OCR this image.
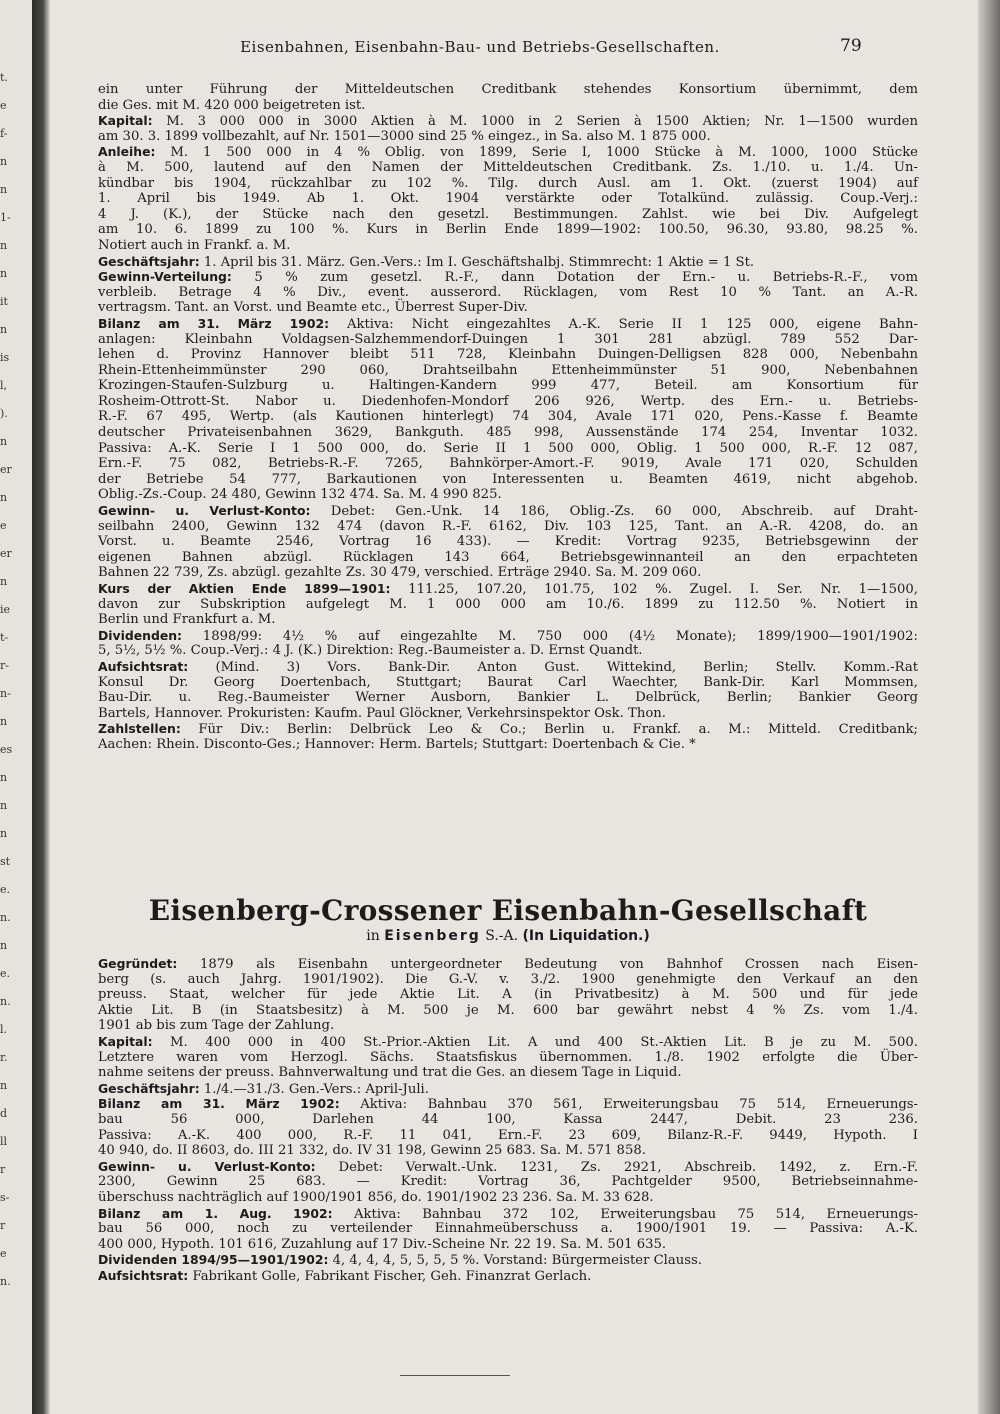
t.
e
f-
n
n
1-
n
n
it
n
is
l,
).
n
er
n
e
er
n
ie
t-
r-
n-
n
es
n
n
n
st
e.
n.
n
e.
n.
l.
r.
n
d
ll
r
s-
r
e
n.
Eisenbahnen, Eisenbahn-Bau- und Betriebs-Gesellschaften.	79
ein unter Führung der Mitteldeutschen Creditbank stehendes Konsortium übernimmt, dem
die Ges. mit M. 420 000 beigetreten ist.
Kapital: M. 3 000 000 in 3000 Aktien à M. 1000 in 2 Serien à 1500 Aktien; Nr. 1—1500 wurden
am 30. 3. 1899 vollbezahlt, auf Nr. 1501—3000 sind 25 % eingez., in Sa. also M. 1 875 000.
Anleihe: M. 1 500 000 in 4 % Oblig. von 1899, Serie I, 1000 Stücke à M. 1000, 1000 Stücke
à M. 500, lautend auf den Namen der Mitteldeutschen Creditbank. Zs. 1./10. u. 1./4. Un-
kündbar bis 1904, rückzahlbar zu 102 %. Tilg. durch Ausl. am 1. Okt. (zuerst 1904) auf
1. April bis 1949. Ab 1. Okt. 1904 verstärkte oder Totalkünd. zulässig. Coup.-Verj.:
4 J. (K.), der Stücke nach den gesetzl. Bestimmungen. Zahlst. wie bei Div. Aufgelegt
am 10. 6. 1899 zu 100 %. Kurs in Berlin Ende 1899—1902: 100.50, 96.30, 93.80, 98.25 %.
Notiert auch in Frankf. a. M.
Geschäftsjahr: 1. April bis 31. März. Gen.-Vers.: Im I. Geschäftshalbj. Stimmrecht: 1 Aktie = 1 St.
Gewinn-Verteilung: 5 % zum gesetzl. R.-F., dann Dotation der Ern.- u. Betriebs-R.-F., vom
verbleib. Betrage 4 % Div., event. ausserord. Rücklagen, vom Rest 10 % Tant. an A.-R.
vertragsm. Tant. an Vorst. und Beamte etc., Überrest Super-Div.
Bilanz am 31. März 1902: Aktiva: Nicht eingezahltes A.-K. Serie II 1 125 000, eigene Bahn-
anlagen: Kleinbahn Voldagsen-Salzhemmendorf-Duingen 1 301 281 abzügl. 789 552 Dar-
lehen d. Provinz Hannover bleibt 511 728, Kleinbahn Duingen-Delligsen 828 000, Nebenbahn
Rhein-Ettenheimmünster 290 060, Drahtseilbahn Ettenheimmünster 51 900, Nebenbahnen
Krozingen-Staufen-Sulzburg u. Haltingen-Kandern 999 477, Beteil. am Konsortium für
Rosheim-Ottrott-St. Nabor u. Diedenhofen-Mondorf 206 926, Wertp. des Ern.- u. Betriebs-
R.-F. 67 495, Wertp. (als Kautionen hinterlegt) 74 304, Avale 171 020, Pens.-Kasse f. Beamte
deutscher Privateisenbahnen 3629, Bankguth. 485 998, Aussenstände 174 254, Inventar 1032.
Passiva: A.-K. Serie I 1 500 000, do. Serie II 1 500 000, Oblig. 1 500 000, R.-F. 12 087,
Ern.-F. 75 082, Betriebs-R.-F. 7265, Bahnkörper-Amort.-F. 9019, Avale 171 020, Schulden
der Betriebe 54 777, Barkautionen von Interessenten u. Beamten 4619, nicht abgehob.
Oblig.-Zs.-Coup. 24 480, Gewinn 132 474. Sa. M. 4 990 825.
Gewinn- u. Verlust-Konto: Debet: Gen.-Unk. 14 186, Oblig.-Zs. 60 000, Abschreib. auf Draht-
seilbahn 2400, Gewinn 132 474 (davon R.-F. 6162, Div. 103 125, Tant. an A.-R. 4208, do. an
Vorst. u. Beamte 2546, Vortrag 16 433). — Kredit: Vortrag 9235, Betriebsgewinn der
eigenen Bahnen abzügl. Rücklagen 143 664, Betriebsgewinnanteil an den erpachteten
Bahnen 22 739, Zs. abzügl. gezahlte Zs. 30 479, verschied. Erträge 2940. Sa. M. 209 060.
Kurs der Aktien Ende 1899—1901: 111.25, 107.20, 101.75, 102 %. Zugel. I. Ser. Nr. 1—1500,
davon zur Subskription aufgelegt M. 1 000 000 am 10./6. 1899 zu 112.50 %. Notiert in
Berlin und Frankfurt a. M.
Dividenden: 1898/99: 4½ % auf eingezahlte M. 750 000 (4½ Monate); 1899/1900—1901/1902:
5, 5½, 5½ %. Coup.-Verj.: 4 J. (K.) Direktion: Reg.-Baumeister a. D. Ernst Quandt.
Aufsichtsrat: (Mind. 3) Vors. Bank-Dir. Anton Gust. Wittekind, Berlin; Stellv. Komm.-Rat
Konsul Dr. Georg Doertenbach, Stuttgart; Baurat Carl Waechter, Bank-Dir. Karl Mommsen,
Bau-Dir. u. Reg.-Baumeister Werner Ausborn, Bankier L. Delbrück, Berlin; Bankier Georg
Bartels, Hannover. Prokuristen: Kaufm. Paul Glöckner, Verkehrsinspektor Osk. Thon.
Zahlstellen: Für Div.: Berlin: Delbrück Leo & Co.; Berlin u. Frankf. a. M.: Mitteld. Creditbank;
Aachen: Rhein. Disconto-Ges.; Hannover: Herm. Bartels; Stuttgart: Doertenbach & Cie. *
Eisenberg-Crossener Eisenbahn-Gesellschaft
in Eisenberg S.-A. (In Liquidation.)
Gegründet: 1879 als Eisenbahn untergeordneter Bedeutung von Bahnhof Crossen nach Eisen-
berg (s. auch Jahrg. 1901/1902). Die G.-V. v. 3./2. 1900 genehmigte den Verkauf an den
preuss. Staat, welcher für jede Aktie Lit. A (in Privatbesitz) à M. 500 und für jede
Aktie Lit. B (in Staatsbesitz) à M. 500 je M. 600 bar gewährt nebst 4 % Zs. vom 1./4.
1901 ab bis zum Tage der Zahlung.
Kapital: M. 400 000 in 400 St.-Prior.-Aktien Lit. A und 400 St.-Aktien Lit. B je zu M. 500.
Letztere waren vom Herzogl. Sächs. Staatsfiskus übernommen. 1./8. 1902 erfolgte die Über-
nahme seitens der preuss. Bahnverwaltung und trat die Ges. an diesem Tage in Liquid.
Geschäftsjahr: 1./4.—31./3. Gen.-Vers.: April-Juli.
Bilanz am 31. März 1902: Aktiva: Bahnbau 370 561, Erweiterungsbau 75 514, Erneuerungs-
bau 56 000, Darlehen 44 100, Kassa 2447, Debit. 23 236.
Passiva: A.-K. 400 000, R.-F. 11 041, Ern.-F. 23 609, Bilanz-R.-F. 9449, Hypoth. I
40 940, do. II 8603, do. III 21 332, do. IV 31 198, Gewinn 25 683. Sa. M. 571 858.
Gewinn- u. Verlust-Konto: Debet: Verwalt.-Unk. 1231, Zs. 2921, Abschreib. 1492, z. Ern.-F.
2300, Gewinn 25 683. — Kredit: Vortrag 36, Pachtgelder 9500, Betriebseinnahme-
überschuss nachträglich auf 1900/1901 856, do. 1901/1902 23 236. Sa. M. 33 628.
Bilanz am 1. Aug. 1902: Aktiva: Bahnbau 372 102, Erweiterungsbau 75 514, Erneuerungs-
bau 56 000, noch zu verteilender Einnahmeüberschuss a. 1900/1901 19. — Passiva: A.-K.
400 000, Hypoth. 101 616, Zuzahlung auf 17 Div.-Scheine Nr. 22 19. Sa. M. 501 635.
Dividenden 1894/95—1901/1902: 4, 4, 4, 4, 5, 5, 5, 5 %. Vorstand: Bürgermeister Clauss.
Aufsichtsrat: Fabrikant Golle, Fabrikant Fischer, Geh. Finanzrat Gerlach.
